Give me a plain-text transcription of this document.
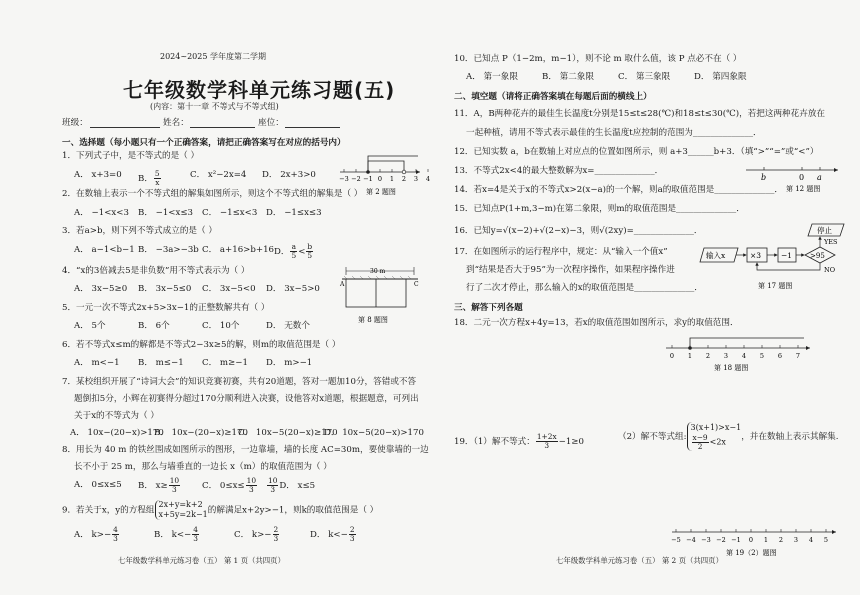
2024~2025 学年度第二学期
七年级数学科单元练习题(五)
(内容：第十一章 不等式与不等式组)
班级：	姓名：	座位：
一、选择题（每小题只有一个正确答案，请把正确答案写在对应的括号内）
1．下列式子中，是不等式的是（ ）
A． x+3=0 B． $\frac{5}{x}$	C． x²−2x=4 D． 2x+3>0	−3 −2 −1 0 1 2 3 4
第 2 题图
2．在数轴上表示一个不等式组的解集如图所示，则这个不等式组的解集是（ ）
A． −1<x<3 B． −1<x≤3 C． −1≤x<3 D． −1≤x≤3
3．若a>b，则下列不等式成立的是（ ）
A． a−1<b−1 B． −3a>−3b C． a+16>b+16 D． $\frac{a}{5} < \frac{b}{5}$
30 m
A	C
第 8 题图
4．“x的3倍减去5是非负数”用不等式表示为（ ）
A． 3x−5≥0 B． 3x−5≤0 C． 3x−5<0 D． 3x−5>0
5．一元一次不等式2x+5>3x−1的正整数解共有（ ）
A． 5个	B． 6个	C． 10个	D． 无数个
6．若不等式x≤m的解都是不等式2−3x≥5的解，则m的取值范围是（ ）
A． m<−1 B． m≤−1 C． m≥−1 D． m>−1
7．某校组织开展了“诗词大会”的知识竞赛初赛，共有20道题，答对一题加10分，答错或不答
题倒扣5分，小辉在初赛得分超过170分顺利进入决赛，设他答对x道题，根据题意，可列出
关于x的不等式为（ ）
A． 10x−(20−x)>170
B． 10x−(20−x)≥170
C． 10x−5(20−x)≥170
D． 10x−5(20−x)>170
8．用长为 40 m 的铁丝围成如图所示的图形，一边靠墙，墙的长度 AC=30m，要使靠墙的一边
长不小于 25 m，那么与墙垂直的一边长 x（m）的取值范围为（ ）
A． 0≤x≤5 B． $x\ge \frac{10}{3}$	C． $0\le x\le \frac{10}{3} \frac{10}{3}$ D． x≤5
9．若关于x，y的方程组2x+y=k+2
x+5y=2k−1的解满足x+2y>−1，则k的取值范围是（ ）
A． $k>- \frac{4}{3}$	B． $k<- \frac{4}{3}$	C． $k>- \frac{2}{3}$	D． $k<- \frac{2}{3}$
七年级数学科单元练习卷（五） 第 1 页（共四页）
10．已知点 P（1−2m，m−1），则不论 m 取什么值，该 P 点必不在（ ）
A． 第一象限	B． 第二象限	C． 第三象限	D． 第四象限
二、填空题（请将正确答案填在每题后面的横线上）
11．A，B两种花卉的最佳生长温度t分别是15≤t≤28(℃)和18≤t≤30(℃)，若把这两种花卉放在
一起种植，请用不等式表示最佳的生长温度t应控制的范围为______________．
12．已知实数 a，b在数轴上对应点的位置如图所示，则 a+3______b+3．（填“>”“=”或“<”）
b	0 a
第 12 题图
13．不等式2x<4的最大整数解为x=______________．
14．若x=4是关于x的不等式x>2(x−a)的一个解，则a的取值范围是______________．
15．已知点P(1+m,3−m)在第二象限，则m的取值范围是______________．
16．已知y=√(x−2)+√(2−x)−3，则√(2xy)=______________．
17．在如图所示的运行程序中，规定：从“输入一个值x”
到“结果是否大于95”为一次程序操作，如果程序操作进
行了二次才停止，那么输入的x的取值范围是______________．
输入x	×3	−1	>95
停止
YES
NO
第 17 题图
三、解答下列各题
18．二元一次方程x+4y=13，若x的取值范围如图所示，求y的取值范围．
0 1 2 3 4 5 6 7
第 18 题图
19．（1）解不等式： $\frac{1+2x}{3} -1\ge 0$	（2）解不等式组:3(x+1)>x−1

$\frac{x-9}{2} <2x$ ，并在数轴上表示其解集.
−5 −4 −3 −2 −1 0 1 2 3 4 5
第 19（2）题图
七年级数学科单元练习卷（五） 第 2 页（共四页）
